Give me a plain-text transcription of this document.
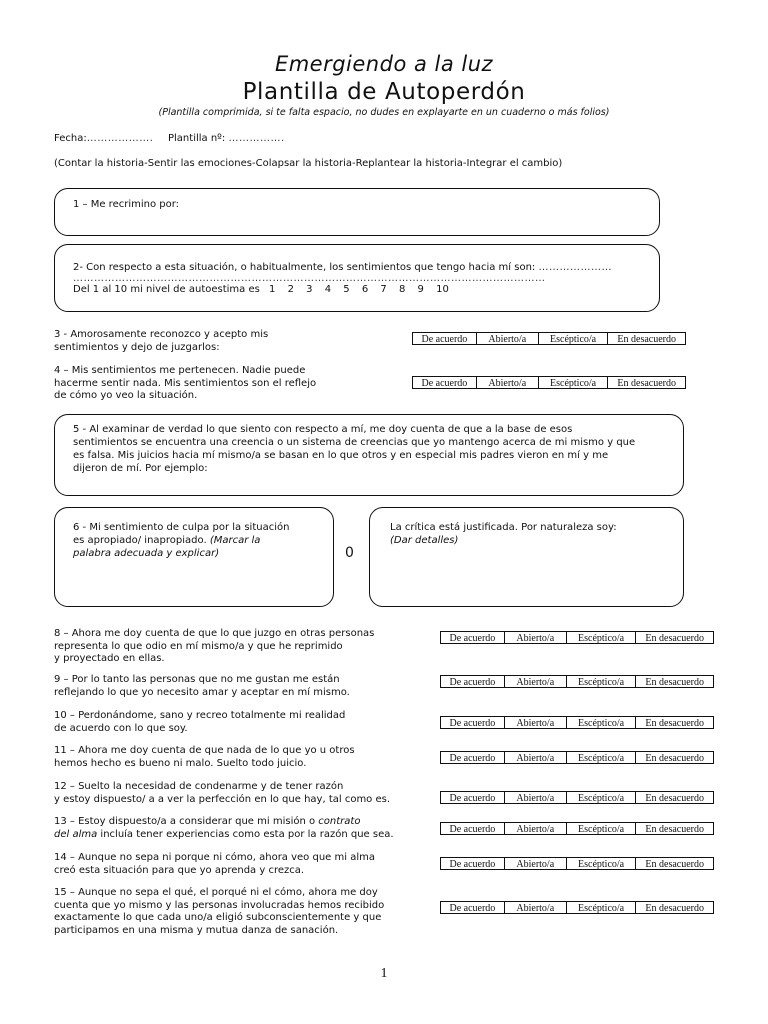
Emergiendo a la luz
Plantilla de Autoperdón
(Plantilla comprimida, si te falta espacio, no dudes en explayarte en un cuaderno o más folios)
Fecha:………………. Plantilla nº: …………….
(Contar la historia-Sentir las emociones-Colapsar la historia-Replantear la historia-Integrar el cambio)
1 – Me recrimino por:
2- Con respecto a esta situación, o habitualmente, los sentimientos que tengo hacia mí son: …………………
………………………………………………………………………………………………………………………
Del 1 al 10 mi nivel de autoestima es 1 2 3 4 5 6 7 8 9 10
3 - Amorosamente reconozco y acepto mis
sentimientos y dejo de juzgarlos:
De acuerdo	Abierto/a	Escéptico/a	En desacuerdo
4 – Mis sentimientos me pertenecen. Nadie puede
hacerme sentir nada. Mis sentimientos son el reflejo
de cómo yo veo la situación.
De acuerdo	Abierto/a	Escéptico/a	En desacuerdo
5 - Al examinar de verdad lo que siento con respecto a mí, me doy cuenta de que a la base de esos
sentimientos se encuentra una creencia o un sistema de creencias que yo mantengo acerca de mi mismo y que
es falsa. Mis juicios hacia mí mismo/a se basan en lo que otros y en especial mis padres vieron en mí y me
dijeron de mí. Por ejemplo:
6 - Mi sentimiento de culpa por la situación
es apropiado/ inapropiado. (Marcar la
palabra adecuada y explicar)	0
La crítica está justificada. Por naturaleza soy:
(Dar detalles)
8 – Ahora me doy cuenta de que lo que juzgo en otras personas
representa lo que odio en mí mismo/a y que he reprimido
y proyectado en ellas.
De acuerdo	Abierto/a	Escéptico/a	En desacuerdo
9 – Por lo tanto las personas que no me gustan me están
reflejando lo que yo necesito amar y aceptar en mí mismo.
De acuerdo	Abierto/a	Escéptico/a	En desacuerdo
10 – Perdonándome, sano y recreo totalmente mi realidad
de acuerdo con lo que soy.	De acuerdo	Abierto/a	Escéptico/a	En desacuerdo
11 – Ahora me doy cuenta de que nada de lo que yo u otros
hemos hecho es bueno ni malo. Suelto todo juicio.	De acuerdo	Abierto/a	Escéptico/a	En desacuerdo
12 – Suelto la necesidad de condenarme y de tener razón
y estoy dispuesto/ a a ver la perfección en lo que hay, tal como es.	De acuerdo	Abierto/a	Escéptico/a	En desacuerdo
13 – Estoy dispuesto/a a considerar que mi misión o contrato
del alma incluía tener experiencias como esta por la razón que sea.	De acuerdo	Abierto/a	Escéptico/a	En desacuerdo
14 – Aunque no sepa ni porque ni cómo, ahora veo que mi alma
creó esta situación para que yo aprenda y crezca.	De acuerdo	Abierto/a	Escéptico/a	En desacuerdo
15 – Aunque no sepa el qué, el porqué ni el cómo, ahora me doy
cuenta que yo mismo y las personas involucradas hemos recibido
exactamente lo que cada uno/a eligió subconscientemente y que
participamos en una misma y mutua danza de sanación.
De acuerdo	Abierto/a	Escéptico/a	En desacuerdo
1
